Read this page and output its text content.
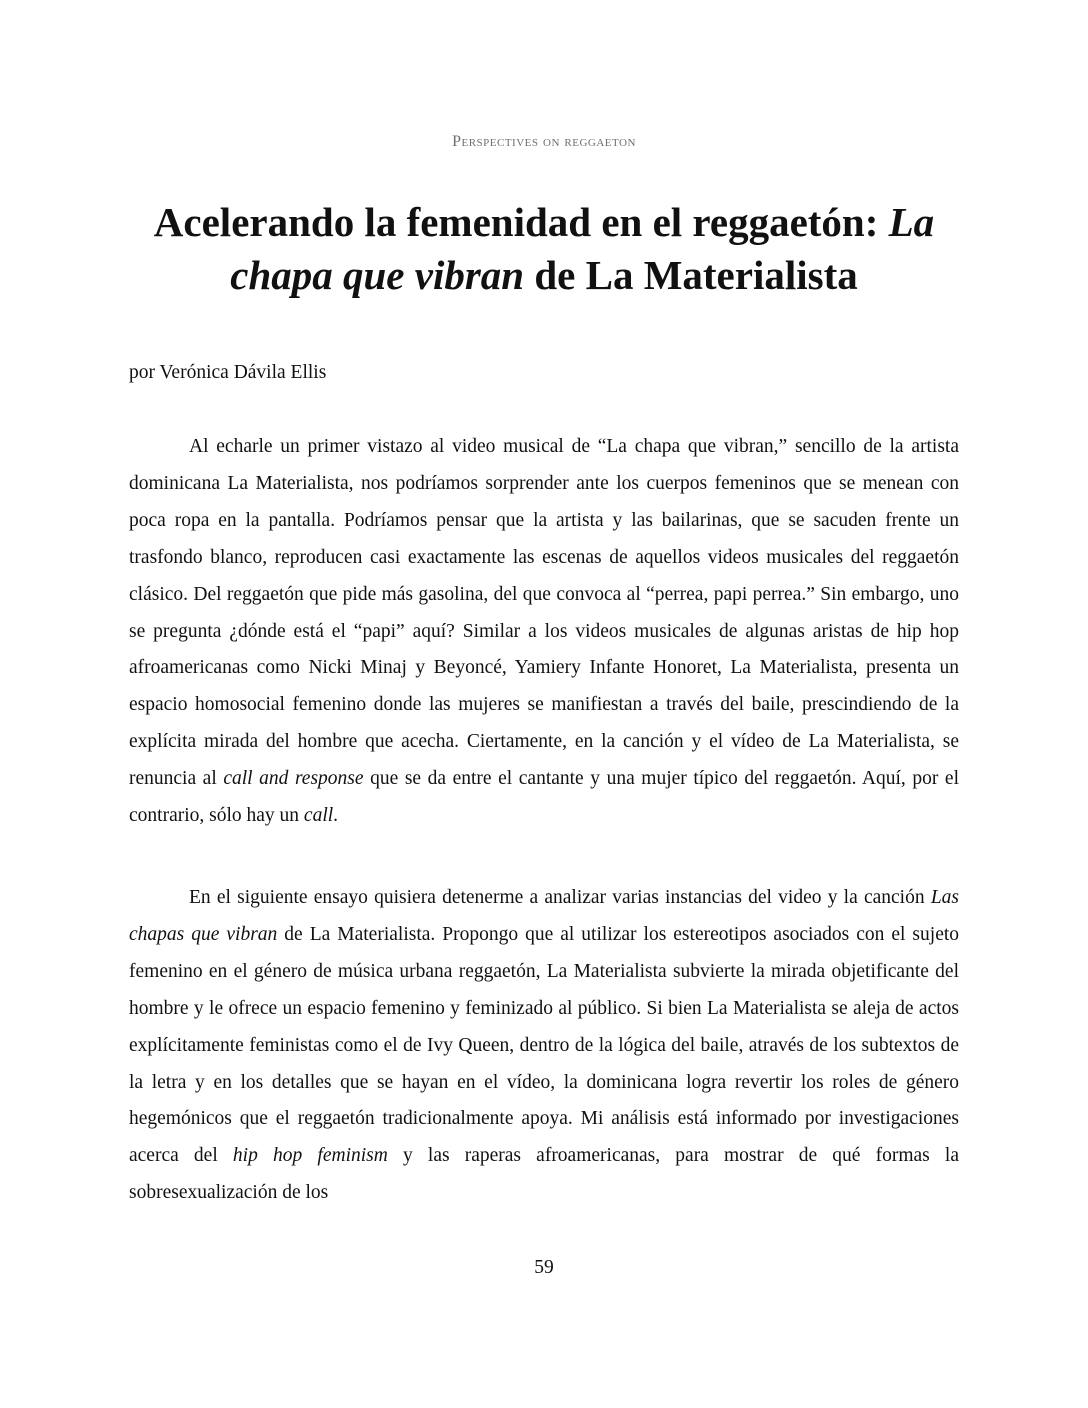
Perspectives on reggaeton
Acelerando la femenidad en el reggaetón: La chapa que vibran de La Materialista

por Verónica Dávila Ellis

Al echarle un primer vistazo al video musical de “La chapa que vibran,” sencillo de la artista dominicana La Materialista, nos podríamos sorprender ante los cuerpos femeninos que se menean con poca ropa en la pantalla. Podríamos pensar que la artista y las bailarinas, que se sacuden frente un trasfondo blanco, reproducen casi exactamente las escenas de aquellos videos musicales del reggaetón clásico. Del reggaetón que pide más gasolina, del que convoca al “perrea, papi perrea.” Sin embargo, uno se pregunta ¿dónde está el “papi” aquí? Similar a los videos musicales de algunas aristas de hip hop afroamericanas como Nicki Minaj y Beyoncé, Yamiery Infante Honoret, La Materialista, presenta un espacio homosocial femenino donde las mujeres se manifiestan a través del baile, prescindiendo de la explícita mirada del hombre que acecha. Ciertamente, en la canción y el vídeo de La Materialista, se renuncia al call and response que se da entre el cantante y una mujer típico del reggaetón. Aquí, por el contrario, sólo hay un call.

En el siguiente ensayo quisiera detenerme a analizar varias instancias del video y la canción Las chapas que vibran de La Materialista. Propongo que al utilizar los estereotipos asociados con el sujeto femenino en el género de música urbana reggaetón, La Materialista subvierte la mirada objetificante del hombre y le ofrece un espacio femenino y feminizado al público. Si bien La Materialista se aleja de actos explícitamente feministas como el de Ivy Queen, dentro de la lógica del baile, através de los subtextos de la letra y en los detalles que se hayan en el vídeo, la dominicana logra revertir los roles de género hegemónicos que el reggaetón tradicionalmente apoya. Mi análisis está informado por investigaciones acerca del hip hop feminism y las raperas afroamericanas, para mostrar de qué formas la sobresexualización de los

59
